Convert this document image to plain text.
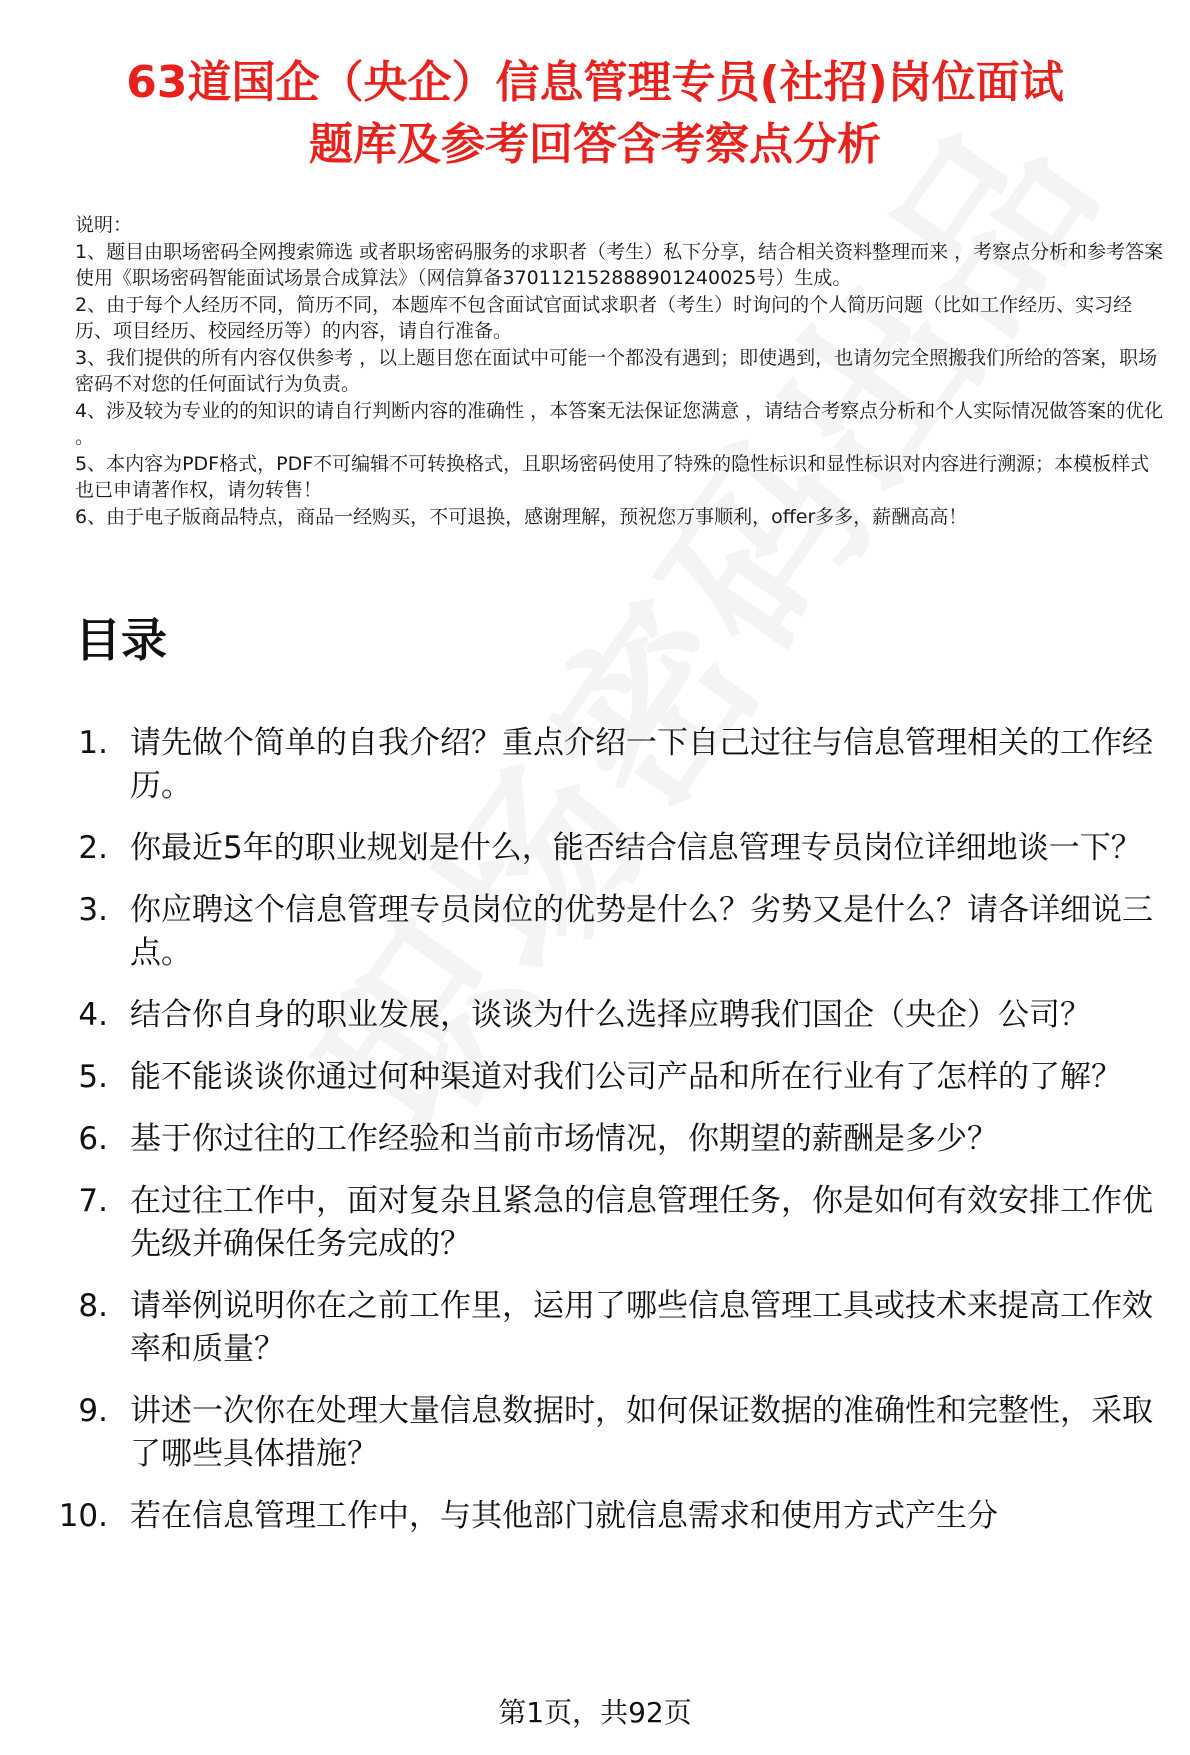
63道国企（央企）信息管理专员(社招)岗位面试
题库及参考回答含考察点分析

说明：

1、题目由职场密码全网搜索筛选 或者职场密码服务的求职者（考生）私下分享，结合相关资料整理而来 ，考察点分析和参考答案使用《职场密码智能面试场景合成算法》（网信算备370112152888901240025号）生成。

2、由于每个人经历不同，简历不同，本题库不包含面试官面试求职者（考生）时询问的个人简历问题（比如工作经历、实习经历、项目经历、校园经历等）的内容，请自行准备。

3、我们提供的所有内容仅供参考 ，以上题目您在面试中可能一个都没有遇到；即使遇到，也请勿完全照搬我们所给的答案，职场密码不对您的任何面试行为负责。

4、涉及较为专业的的知识的请自行判断内容的准确性 ，本答案无法保证您满意 ，请结合考察点分析和个人实际情况做答案的优化 。

5、本内容为PDF格式，PDF不可编辑不可转换格式，且职场密码使用了特殊的隐性标识和显性标识对内容进行溯源；本模板样式也已申请著作权，请勿转售！

6、由于电子版商品特点，商品一经购买，不可退换，感谢理解，预祝您万事顺利，offer多多，薪酬高高！

目录
1. 请先做个简单的自我介绍？重点介绍一下自己过往与信息管理相关的工作经历。
2. 你最近5年的职业规划是什么，能否结合信息管理专员岗位详细地谈一下？
3. 你应聘这个信息管理专员岗位的优势是什么？劣势又是什么？请各详细说三点。
4. 结合你自身的职业发展，谈谈为什么选择应聘我们国企（央企）公司？
5. 能不能谈谈你通过何种渠道对我们公司产品和所在行业有了怎样的了解？
6. 基于你过往的工作经验和当前市场情况，你期望的薪酬是多少？
7. 在过往工作中，面对复杂且紧急的信息管理任务，你是如何有效安排工作优先级并确保任务完成的？
8. 请举例说明你在之前工作里，运用了哪些信息管理工具或技术来提高工作效率和质量？
9. 讲述一次你在处理大量信息数据时，如何保证数据的准确性和完整性，采取了哪些具体措施？
10. 若在信息管理工作中，与其他部门就信息需求和使用方式产生分
第1页，共92页
